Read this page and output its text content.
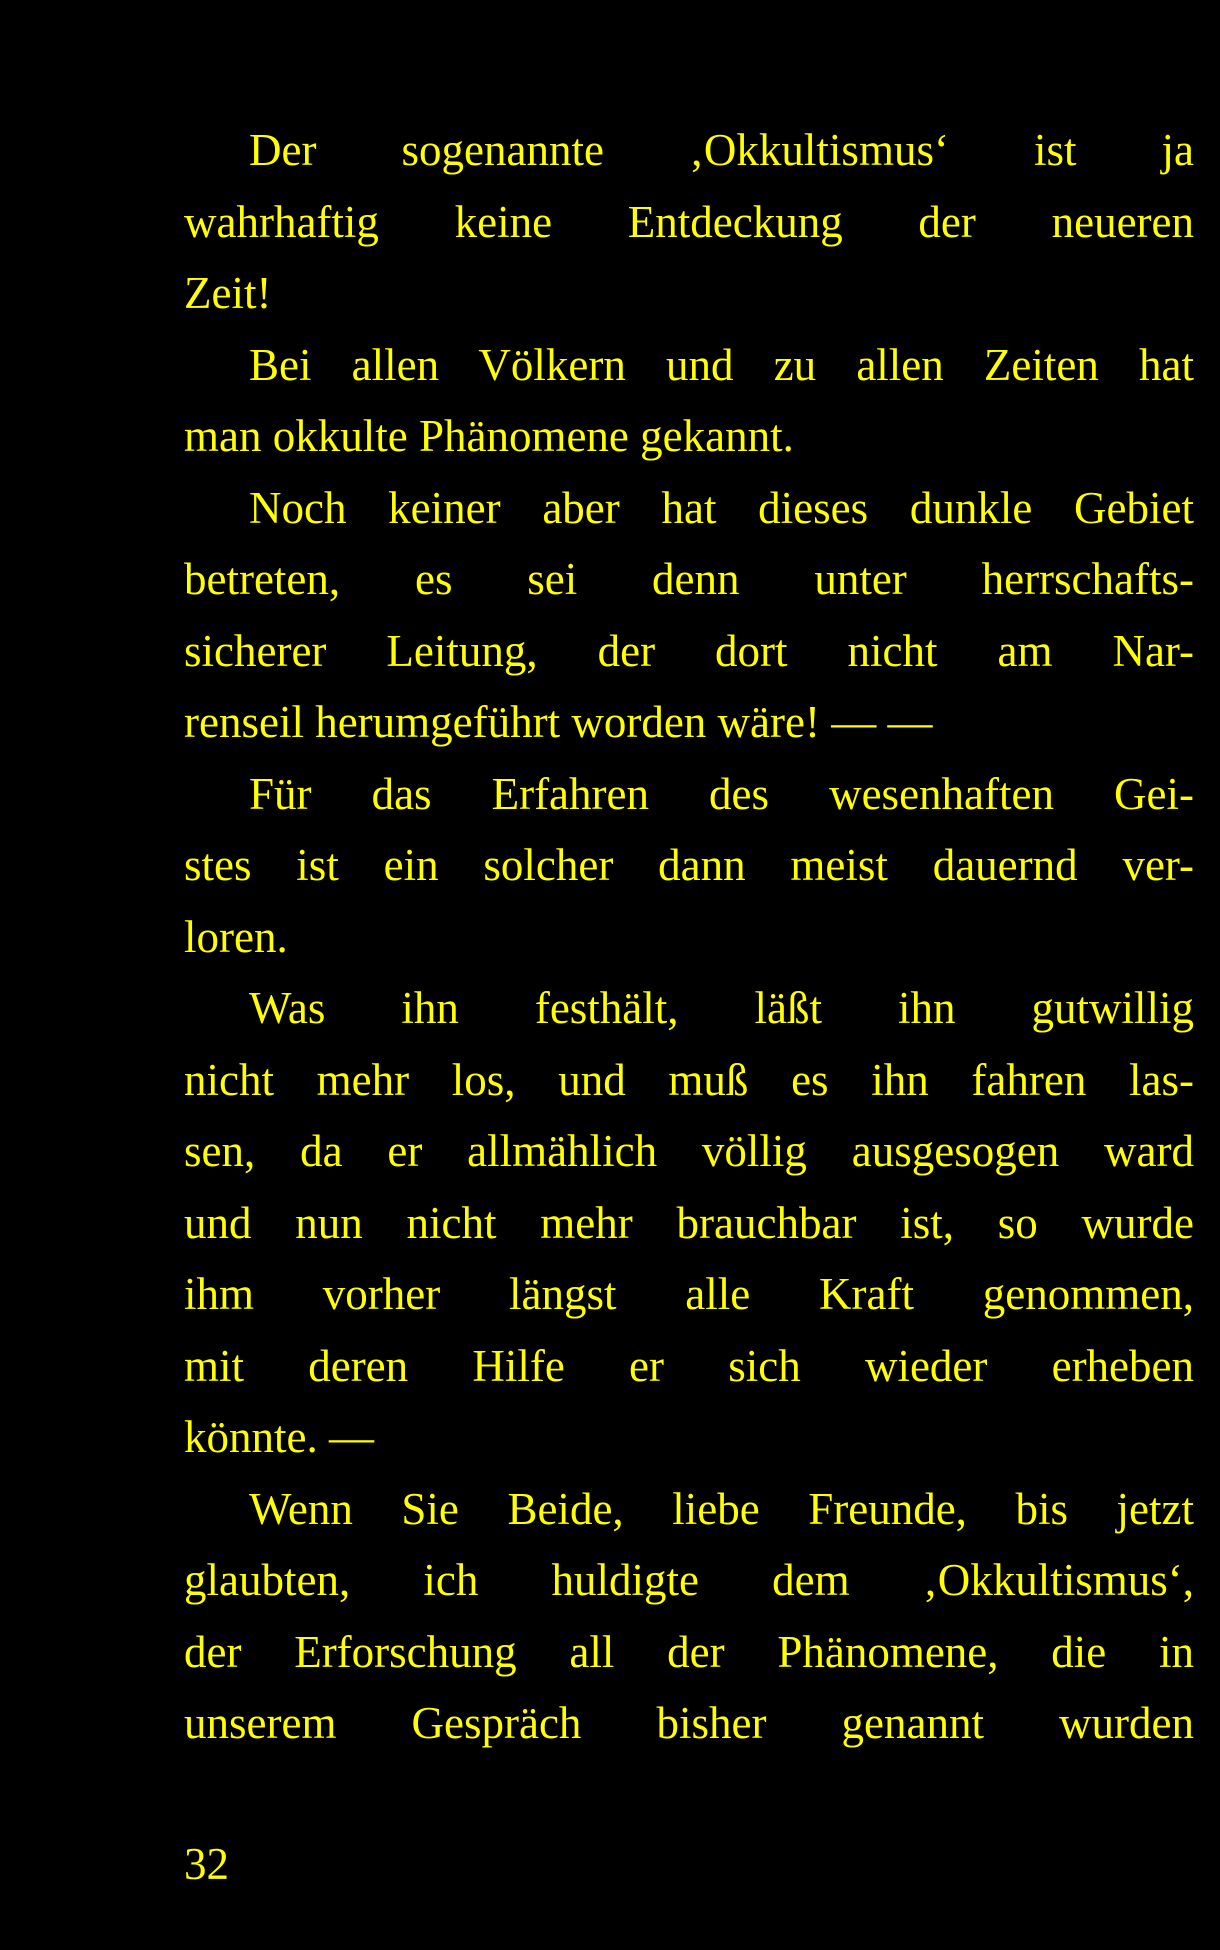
Der sogenannte ‚Okkultismus‘ ist ja
wahrhaftig keine Entdeckung der neueren
Zeit!
Bei allen Völkern und zu allen Zeiten hat
man okkulte Phänomene gekannt.
Noch keiner aber hat dieses dunkle Gebiet
betreten, es sei denn unter herrschafts-
sicherer Leitung, der dort nicht am Nar-
renseil herumgeführt worden wäre! — —
Für das Erfahren des wesenhaften Gei-
stes ist ein solcher dann meist dauernd ver-
loren.
Was ihn festhält, läßt ihn gutwillig
nicht mehr los, und muß es ihn fahren las-
sen, da er allmählich völlig ausgesogen ward
und nun nicht mehr brauchbar ist, so wurde
ihm vorher längst alle Kraft genommen,
mit deren Hilfe er sich wieder erheben
könnte. —
Wenn Sie Beide, liebe Freunde, bis jetzt
glaubten, ich huldigte dem ‚Okkultismus‘,
der Erforschung all der Phänomene, die in
unserem Gespräch bisher genannt wurden
32
